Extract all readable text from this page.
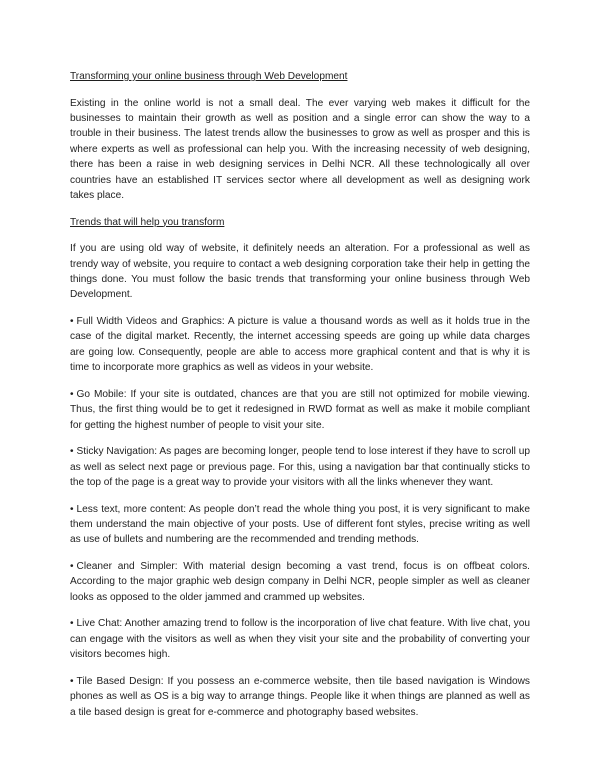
Transforming your online business through Web Development

Existing in the online world is not a small deal. The ever varying web makes it difficult for the businesses to maintain their growth as well as position and a single error can show the way to a trouble in their business. The latest trends allow the businesses to grow as well as prosper and this is where experts as well as professional can help you. With the increasing necessity of web designing, there has been a raise in web designing services in Delhi NCR. All these technologically all over countries have an established IT services sector where all development as well as designing work takes place.

Trends that will help you transform

If you are using old way of website, it definitely needs an alteration. For a professional as well as trendy way of website, you require to contact a web designing corporation take their help in getting the things done. You must follow the basic trends that transforming your online business through Web Development.

• Full Width Videos and Graphics: A picture is value a thousand words as well as it holds true in the case of the digital market. Recently, the internet accessing speeds are going up while data charges are going low. Consequently, people are able to access more graphical content and that is why it is time to incorporate more graphics as well as videos in your website.

• Go Mobile: If your site is outdated, chances are that you are still not optimized for mobile viewing. Thus, the first thing would be to get it redesigned in RWD format as well as make it mobile compliant for getting the highest number of people to visit your site.

• Sticky Navigation: As pages are becoming longer, people tend to lose interest if they have to scroll up as well as select next page or previous page. For this, using a navigation bar that continually sticks to the top of the page is a great way to provide your visitors with all the links whenever they want.

• Less text, more content: As people don’t read the whole thing you post, it is very significant to make them understand the main objective of your posts. Use of different font styles, precise writing as well as use of bullets and numbering are the recommended and trending methods.

• Cleaner and Simpler: With material design becoming a vast trend, focus is on offbeat colors. According to the major graphic web design company in Delhi NCR, people simpler as well as cleaner looks as opposed to the older jammed and crammed up websites.

• Live Chat: Another amazing trend to follow is the incorporation of live chat feature. With live chat, you can engage with the visitors as well as when they visit your site and the probability of converting your visitors becomes high.

• Tile Based Design: If you possess an e-commerce website, then tile based navigation is Windows phones as well as OS is a big way to arrange things. People like it when things are planned as well as a tile based design is great for e-commerce and photography based websites.
